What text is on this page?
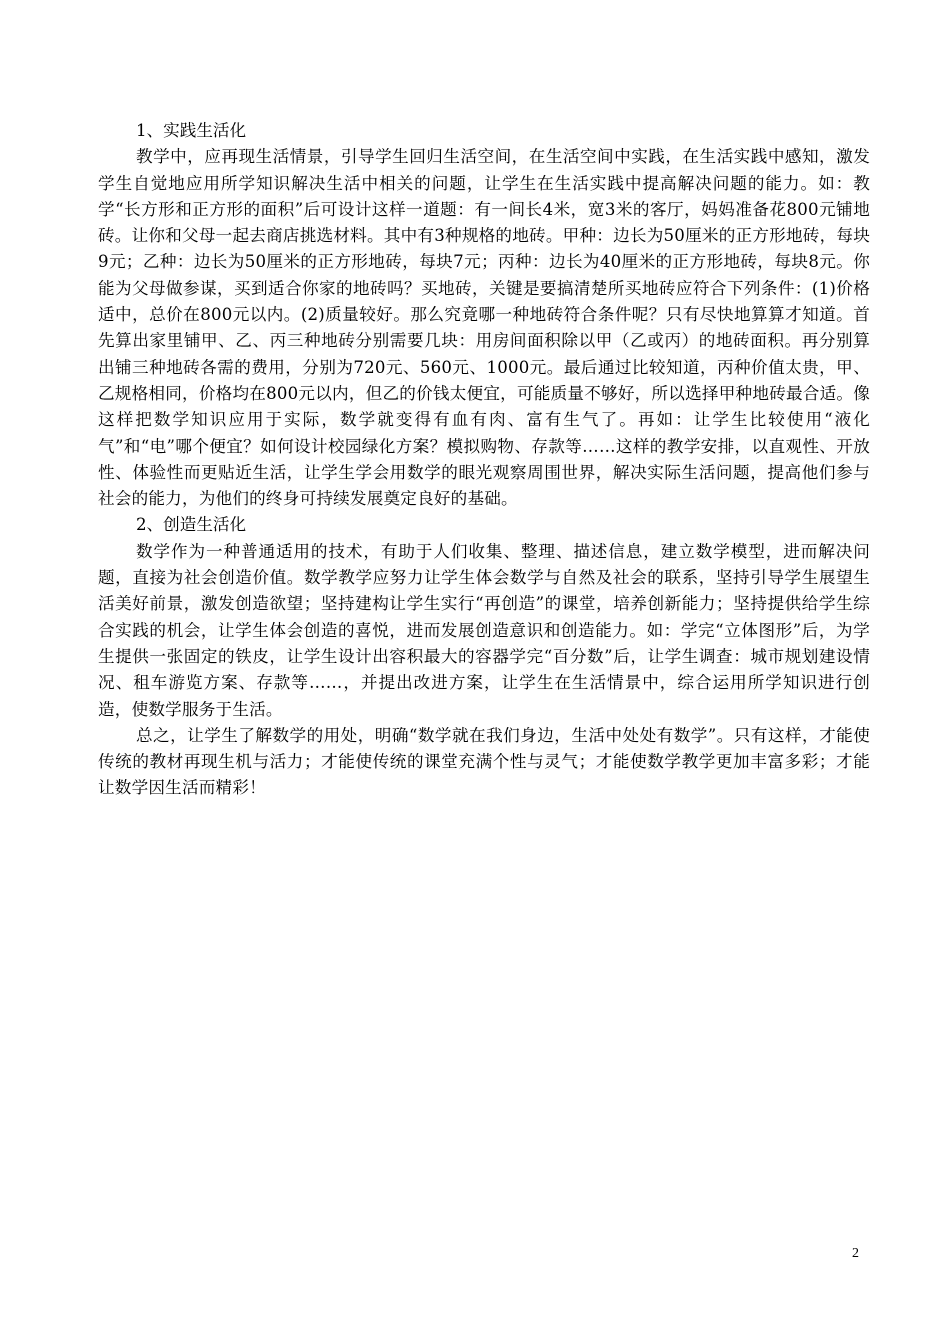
1、实践生活化

教学中，应再现生活情景，引导学生回归生活空间，在生活空间中实践，在生活实践中感知，激发学生自觉地应用所学知识解决生活中相关的问题，让学生在生活实践中提高解决问题的能力。如：教学“长方形和正方形的面积”后可设计这样一道题：有一间长4米，宽3米的客厅，妈妈准备花800元铺地砖。让你和父母一起去商店挑选材料。其中有3种规格的地砖。甲种：边长为50厘米的正方形地砖，每块9元；乙种：边长为50厘米的正方形地砖，每块7元；丙种：边长为40厘米的正方形地砖，每块8元。你能为父母做参谋，买到适合你家的地砖吗？买地砖，关键是要搞清楚所买地砖应符合下列条件：(1)价格适中，总价在800元以内。(2)质量较好。那么究竟哪一种地砖符合条件呢？只有尽快地算算才知道。首先算出家里铺甲、乙、丙三种地砖分别需要几块：用房间面积除以甲（乙或丙）的地砖面积。再分别算出铺三种地砖各需的费用，分别为720元、560元、1000元。最后通过比较知道，丙种价值太贵，甲、乙规格相同，价格均在800元以内，但乙的价钱太便宜，可能质量不够好，所以选择甲种地砖最合适。像这样把数学知识应用于实际，数学就变得有血有肉、富有生气了。再如：让学生比较使用“液化气”和“电”哪个便宜？如何设计校园绿化方案？模拟购物、存款等……这样的教学安排，以直观性、开放性、体验性而更贴近生活，让学生学会用数学的眼光观察周围世界，解决实际生活问题，提高他们参与社会的能力，为他们的终身可持续发展奠定良好的基础。

2、创造生活化

数学作为一种普通适用的技术，有助于人们收集、整理、描述信息，建立数学模型，进而解决问题，直接为社会创造价值。数学教学应努力让学生体会数学与自然及社会的联系，坚持引导学生展望生活美好前景，激发创造欲望；坚持建构让学生实行“再创造”的课堂，培养创新能力；坚持提供给学生综合实践的机会，让学生体会创造的喜悦，进而发展创造意识和创造能力。如：学完“立体图形”后，为学生提供一张固定的铁皮，让学生设计出容积最大的容器学完“百分数”后，让学生调查：城市规划建设情况、租车游览方案、存款等……，并提出改进方案，让学生在生活情景中，综合运用所学知识进行创造，使数学服务于生活。

总之，让学生了解数学的用处，明确“数学就在我们身边，生活中处处有数学”。只有这样，才能使传统的教材再现生机与活力；才能使传统的课堂充满个性与灵气；才能使数学教学更加丰富多彩；才能让数学因生活而精彩！

2
